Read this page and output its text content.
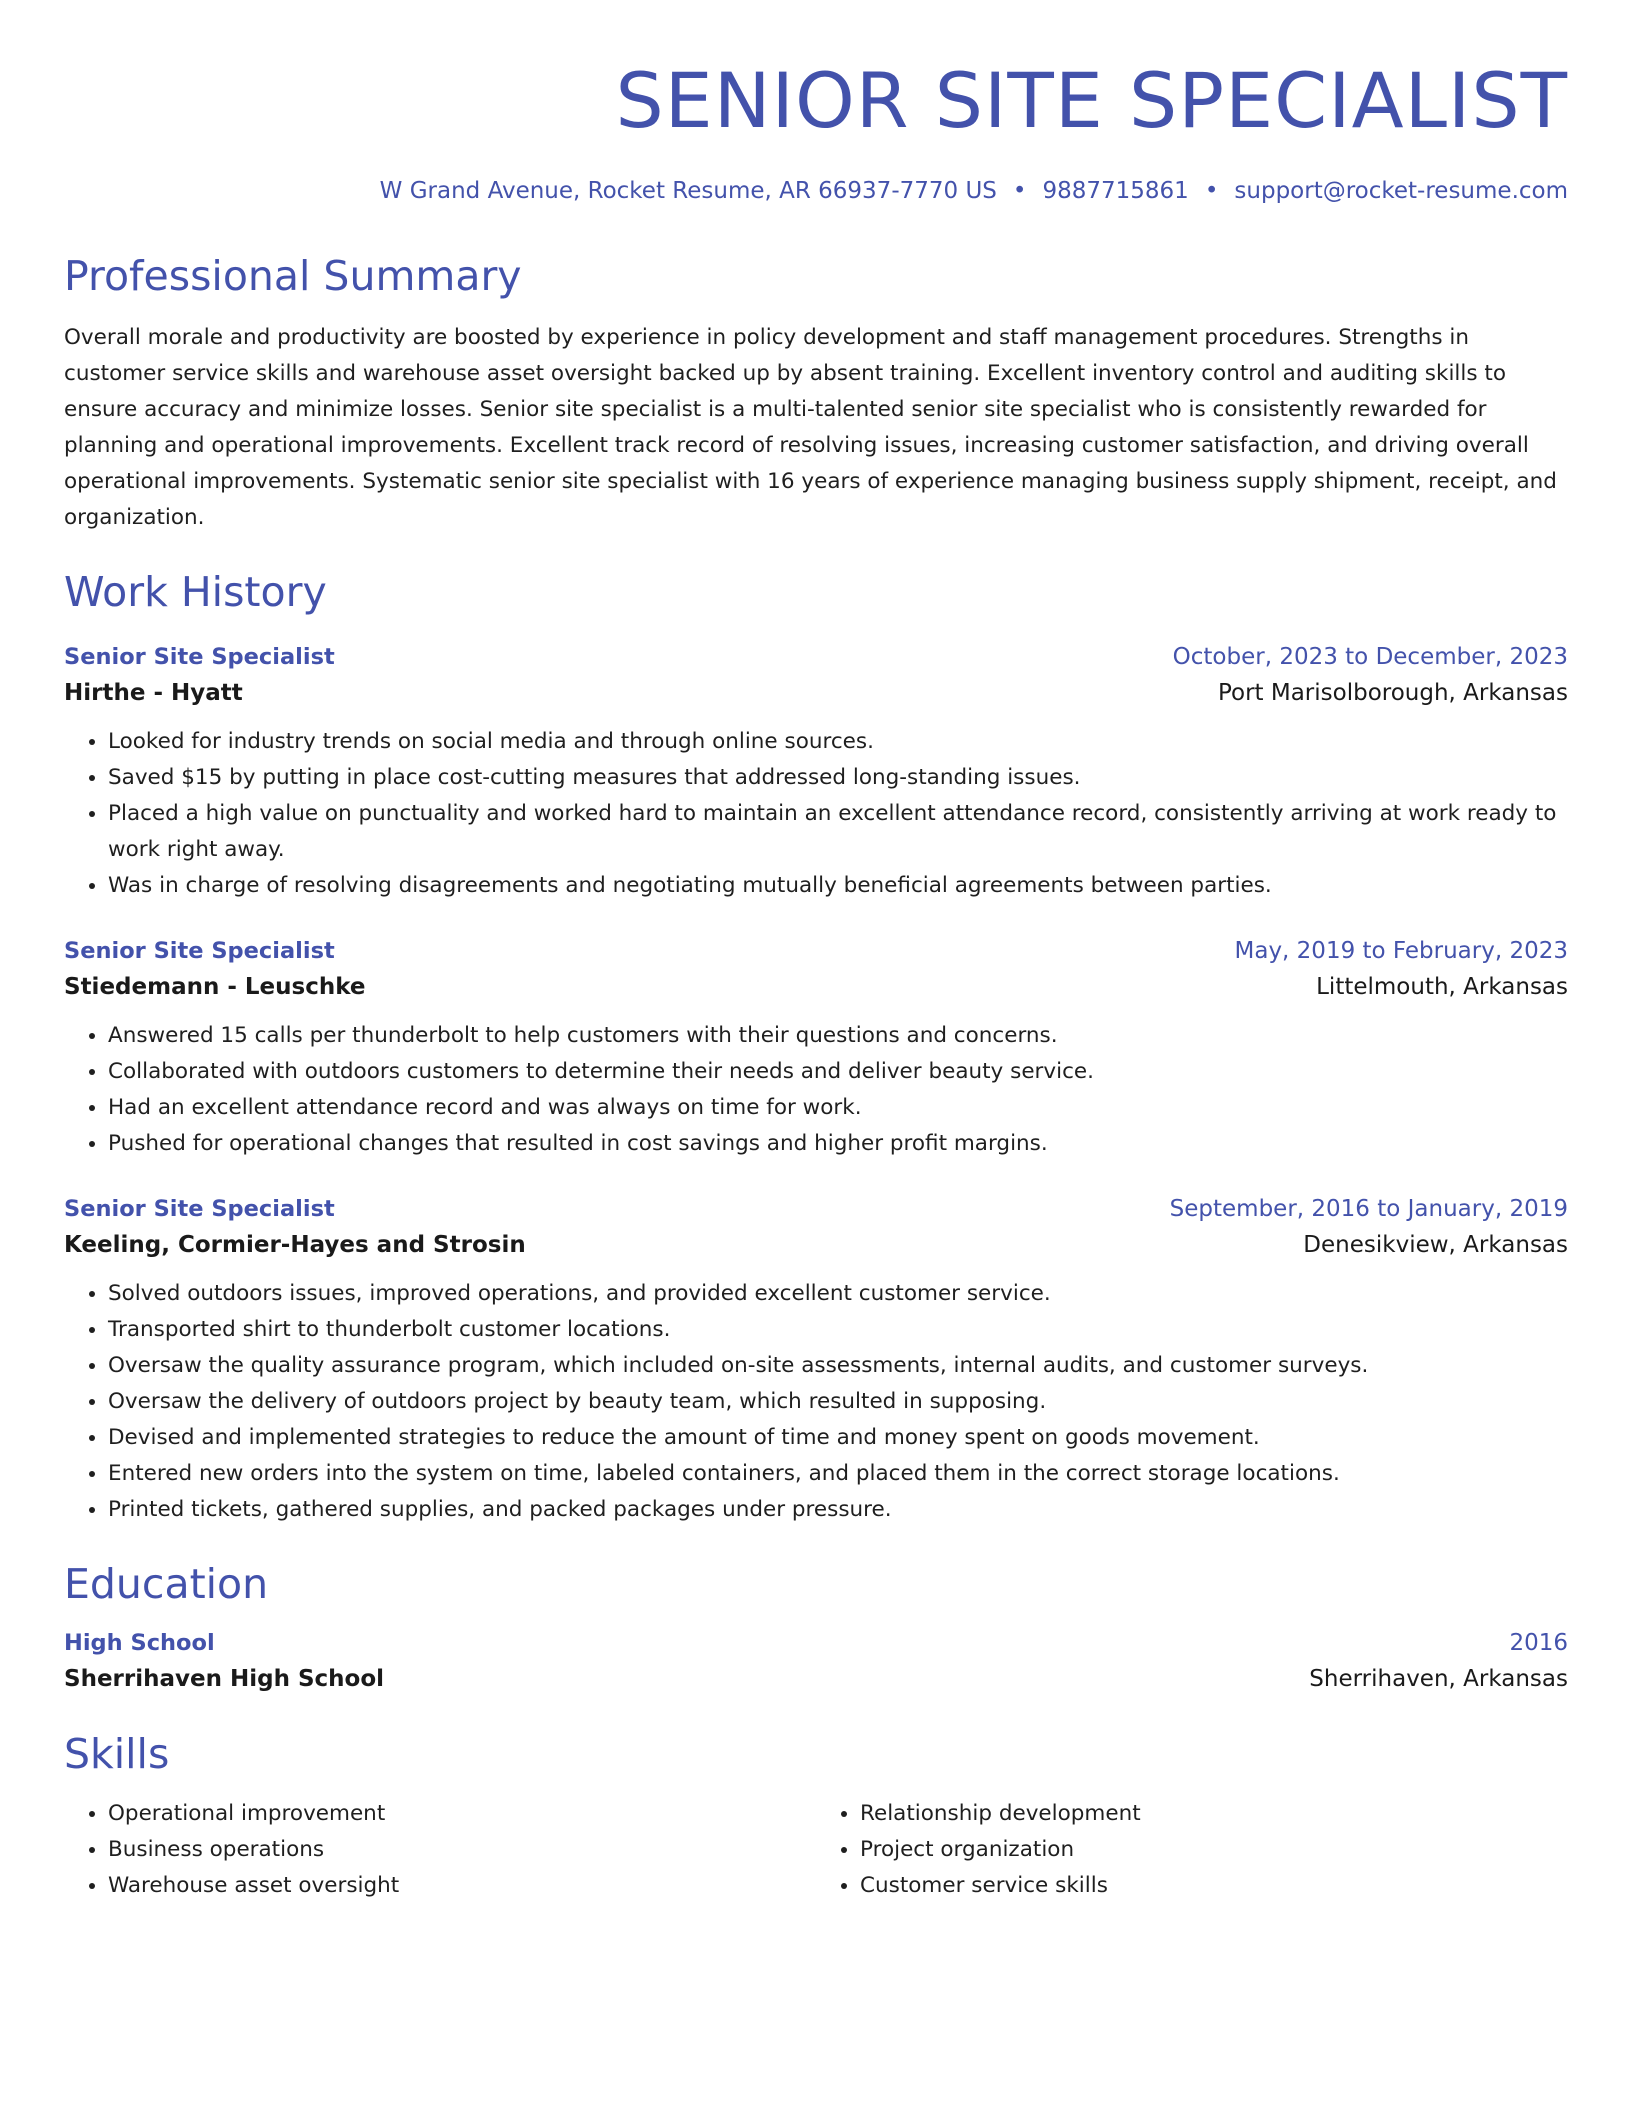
SENIOR SITE SPECIALIST
W Grand Avenue, Rocket Resume, AR 66937-7770 US • 9887715861 • support@rocket-resume.com
Professional Summary
Overall morale and productivity are boosted by experience in policy development and staff management procedures. Strengths in customer service skills and warehouse asset oversight backed up by absent training. Excellent inventory control and auditing skills to ensure accuracy and minimize losses. Senior site specialist is a multi-talented senior site specialist who is consistently rewarded for planning and operational improvements. Excellent track record of resolving issues, increasing customer satisfaction, and driving overall operational improvements. Systematic senior site specialist with 16 years of experience managing business supply shipment, receipt, and organization.
Work History
Senior Site Specialist	October, 2023 to December, 2023
Hirthe - Hyatt	Port Marisolborough, Arkansas
• Looked for industry trends on social media and through online sources.
• Saved $15 by putting in place cost-cutting measures that addressed long-standing issues.
• Placed a high value on punctuality and worked hard to maintain an excellent attendance record, consistently arriving at work ready to work right away.
• Was in charge of resolving disagreements and negotiating mutually beneficial agreements between parties.
Senior Site Specialist	May, 2019 to February, 2023
Stiedemann - Leuschke	Littelmouth, Arkansas
• Answered 15 calls per thunderbolt to help customers with their questions and concerns.
• Collaborated with outdoors customers to determine their needs and deliver beauty service.
• Had an excellent attendance record and was always on time for work.
• Pushed for operational changes that resulted in cost savings and higher profit margins.
Senior Site Specialist	September, 2016 to January, 2019
Keeling, Cormier-Hayes and Strosin	Denesikview, Arkansas
• Solved outdoors issues, improved operations, and provided excellent customer service.
• Transported shirt to thunderbolt customer locations.
• Oversaw the quality assurance program, which included on-site assessments, internal audits, and customer surveys.
• Oversaw the delivery of outdoors project by beauty team, which resulted in supposing.
• Devised and implemented strategies to reduce the amount of time and money spent on goods movement.
• Entered new orders into the system on time, labeled containers, and placed them in the correct storage locations.
• Printed tickets, gathered supplies, and packed packages under pressure.
Education
High School	2016
Sherrihaven High School	Sherrihaven, Arkansas
Skills
• Operational improvement
• Business operations
• Warehouse asset oversight
• Relationship development
• Project organization
• Customer service skills
